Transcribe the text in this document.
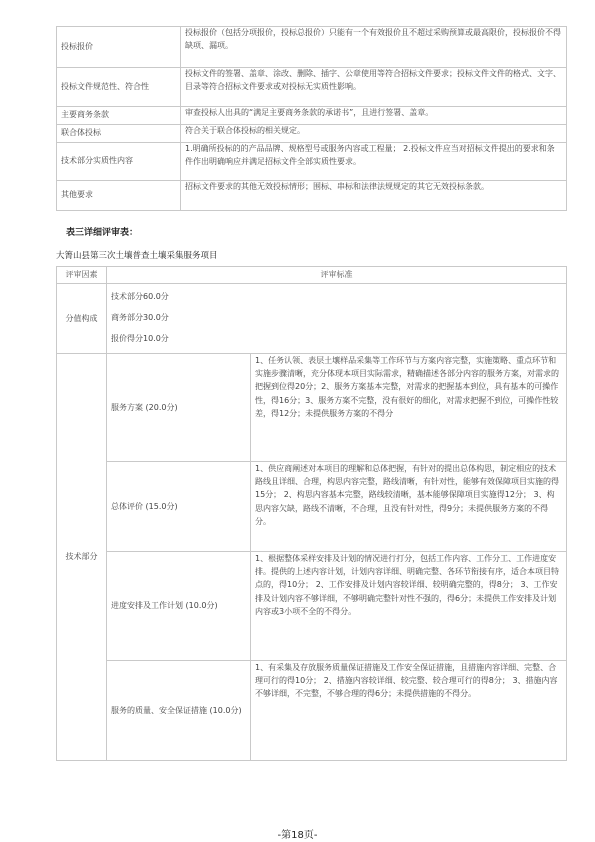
投标报价	投标报价（包括分项报价，投标总报价）只能有一个有效报价且不超过采购预算或最高限价，投标报价不得缺项、漏项。
投标文件规范性、符合性	投标文件的签署、盖章、涂改、删除、插字、公章使用等符合招标文件要求；投标文件文件的格式、文字、目录等符合招标文件要求或对投标无实质性影响。
主要商务条款	审查投标人出具的“满足主要商务条款的承诺书”，且进行签署、盖章。
联合体投标	符合关于联合体投标的相关规定。
技术部分实质性内容	1.明确所投标的的产品品牌、规格型号或服务内容或工程量； 2.投标文件应当对招标文件提出的要求和条件作出明确响应并满足招标文件全部实质性要求。
其他要求	招标文件要求的其他无效投标情形；围标、串标和法律法规规定的其它无效投标条款。
表三详细评审表：
大箐山县第三次土壤普查土壤采集服务项目
评审因素	评审标准	
分值构成	技术部分60.0分
商务部分30.0分
报价得分10.0分	

技术部分	服务方案 (20.0分)	1、任务认领、表层土壤样品采集等工作环节与方案内容完整，实施策略、重点环节和实施步骤清晰，充分体现本项目实际需求，精确描述各部分内容的服务方案，对需求的把握到位得20分；2、服务方案基本完整，对需求的把握基本到位，具有基本的可操作性，得16分；3、服务方案不完整，没有很好的细化，对需求把握不到位，可操作性较差，得12分；未提供服务方案的不得分
	总体评价 (15.0分)	1、供应商阐述对本项目的理解和总体把握，有针对的提出总体构思，制定相应的技术路线且详细、合理，构思内容完整，路线清晰，有针对性，能够有效保障项目实施的得15分； 2、构思内容基本完整，路线较清晰，基本能够保障项目实施得12分； 3、构思内容欠缺，路线不清晰，不合理，且没有针对性，得9分；未提供服务方案的不得分。
	进度安排及工作计划 (10.0分)	1、根据整体采样安排及计划的情况进行打分，包括工作内容、工作分工、工作进度安排。提供的上述内容计划，计划内容详细、明确完整、各环节衔接有序，适合本项目特点的，得10分； 2、工作安排及计划内容较详细、较明确完整的，得8分； 3、工作安排及计划内容不够详细，不够明确完整针对性不强的，得6分；未提供工作安排及计划内容或3小项不全的不得分。
	服务的质量、安全保证措施 (10.0分)	1、有采集及存放服务质量保证措施及工作安全保证措施，且措施内容详细、完整、合理可行的得10分； 2、措施内容较详细、较完整、较合理可行的得8分； 3、措施内容不够详细，不完整，不够合理的得6分；未提供措施的不得分。
-第18页-
